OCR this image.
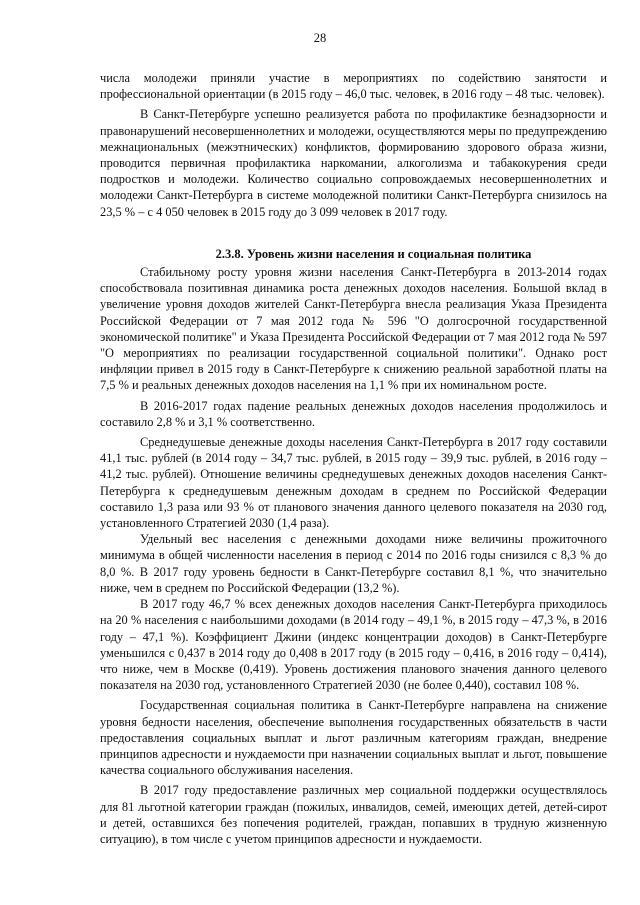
28

числа молодежи приняли участие в мероприятиях по содействию занятости и профессиональной ориентации (в 2015 году – 46,0 тыс. человек, в 2016 году – 48 тыс. человек).

В Санкт-Петербурге успешно реализуется работа по профилактике безнадзорности и правонарушений несовершеннолетних и молодежи, осуществляются меры по предупреждению межнациональных (межэтнических) конфликтов, формированию здорового образа жизни, проводится первичная профилактика наркомании, алкоголизма и табакокурения среди подростков и молодежи. Количество социально сопровождаемых несовершеннолетних и молодежи Санкт-Петербурга в системе молодежной политики Санкт-Петербурга снизилось на 23,5 % – с 4 050 человек в 2015 году до 3 099 человек в 2017 году.

2.3.8. Уровень жизни населения и социальная политика

Стабильному росту уровня жизни населения Санкт-Петербурга в 2013-2014 годах способствовала позитивная динамика роста денежных доходов населения. Большой вклад в увеличение уровня доходов жителей Санкт-Петербурга внесла реализация Указа Президента Российской Федерации от 7 мая 2012 года № 596 "О долгосрочной государственной экономической политике" и Указа Президента Российской Федерации от 7 мая 2012 года № 597 "О мероприятиях по реализации государственной социальной политики". Однако рост инфляции привел в 2015 году в Санкт-Петербурге к снижению реальной заработной платы на 7,5 % и реальных денежных доходов населения на 1,1 % при их номинальном росте.

В 2016-2017 годах падение реальных денежных доходов населения продолжилось и составило 2,8 % и 3,1 % соответственно.

Среднедушевые денежные доходы населения Санкт-Петербурга в 2017 году составили 41,1 тыс. рублей (в 2014 году – 34,7 тыс. рублей, в 2015 году – 39,9 тыс. рублей, в 2016 году – 41,2 тыс. рублей). Отношение величины среднедушевых денежных доходов населения Санкт-Петербурга к среднедушевым денежным доходам в среднем по Российской Федерации составило 1,3 раза или 93 % от планового значения данного целевого показателя на 2030 год, установленного Стратегией 2030 (1,4 раза).

Удельный вес населения с денежными доходами ниже величины прожиточного минимума в общей численности населения в период с 2014 по 2016 годы снизился с 8,3 % до 8,0 %. В 2017 году уровень бедности в Санкт-Петербурге составил 8,1 %, что значительно ниже, чем в среднем по Российской Федерации (13,2 %).

В 2017 году 46,7 % всех денежных доходов населения Санкт-Петербурга приходилось на 20 % населения с наибольшими доходами (в 2014 году – 49,1 %, в 2015 году – 47,3 %, в 2016 году – 47,1 %). Коэффициент Джини (индекс концентрации доходов) в Санкт-Петербурге уменьшился с 0,437 в 2014 году до 0,408 в 2017 году (в 2015 году – 0,416, в 2016 году – 0,414), что ниже, чем в Москве (0,419). Уровень достижения планового значения данного целевого показателя на 2030 год, установленного Стратегией 2030 (не более 0,440), составил 108 %.

Государственная социальная политика в Санкт-Петербурге направлена на снижение уровня бедности населения, обеспечение выполнения государственных обязательств в части предоставления социальных выплат и льгот различным категориям граждан, внедрение принципов адресности и нуждаемости при назначении социальных выплат и льгот, повышение качества социального обслуживания населения.

В 2017 году предоставление различных мер социальной поддержки осуществлялось для 81 льготной категории граждан (пожилых, инвалидов, семей, имеющих детей, детей-сирот и детей, оставшихся без попечения родителей, граждан, попавших в трудную жизненную ситуацию), в том числе с учетом принципов адресности и нуждаемости.
